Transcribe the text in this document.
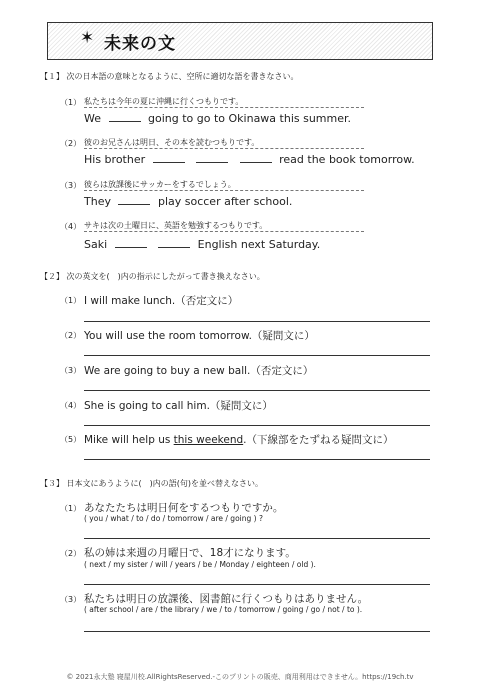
✶ 未来の文
【１】 次の日本語の意味となるように、空所に適切な語を書きなさい。
（1） 私たちは今年の夏に沖縄に行くつもりです。
We	going to go to Okinawa this summer.
（2） 彼のお兄さんは明日、その本を読むつもりです。
His brother	read the book tomorrow.
（3） 彼らは放課後にサッカーをするでしょう。
They	play soccer after school.
（4） サキは次の土曜日に、英語を勉強するつもりです。
Saki	English next Saturday.
【２】 次の英文を(　)内の指示にしたがって書き換えなさい。
（1） I will make lunch.（否定文に）
（2） You will use the room tomorrow.（疑問文に）
（3） We are going to buy a new ball.（否定文に）
（4） She is going to call him.（疑問文に）
（5） Mike will help us this weekend.（下線部をたずねる疑問文に）
【３】 日本文にあうように(　)内の語(句)を並べ替えなさい。
（1） あなたたちは明日何をするつもりですか。
( you / what / to / do / tomorrow / are / going ) ?
（2） 私の姉は来週の月曜日で、18才になります。
( next / my sister / will / years / be / Monday / eighteen / old ).
（3） 私たちは明日の放課後、図書館に行くつもりはありません。
( after school / are / the library / we / to / tomorrow / going / go / not / to ).
© 2021永大塾 寝屋川校.AllRightsReserved.-このプリントの販売、商用利用はできません。https://19ch.tv
